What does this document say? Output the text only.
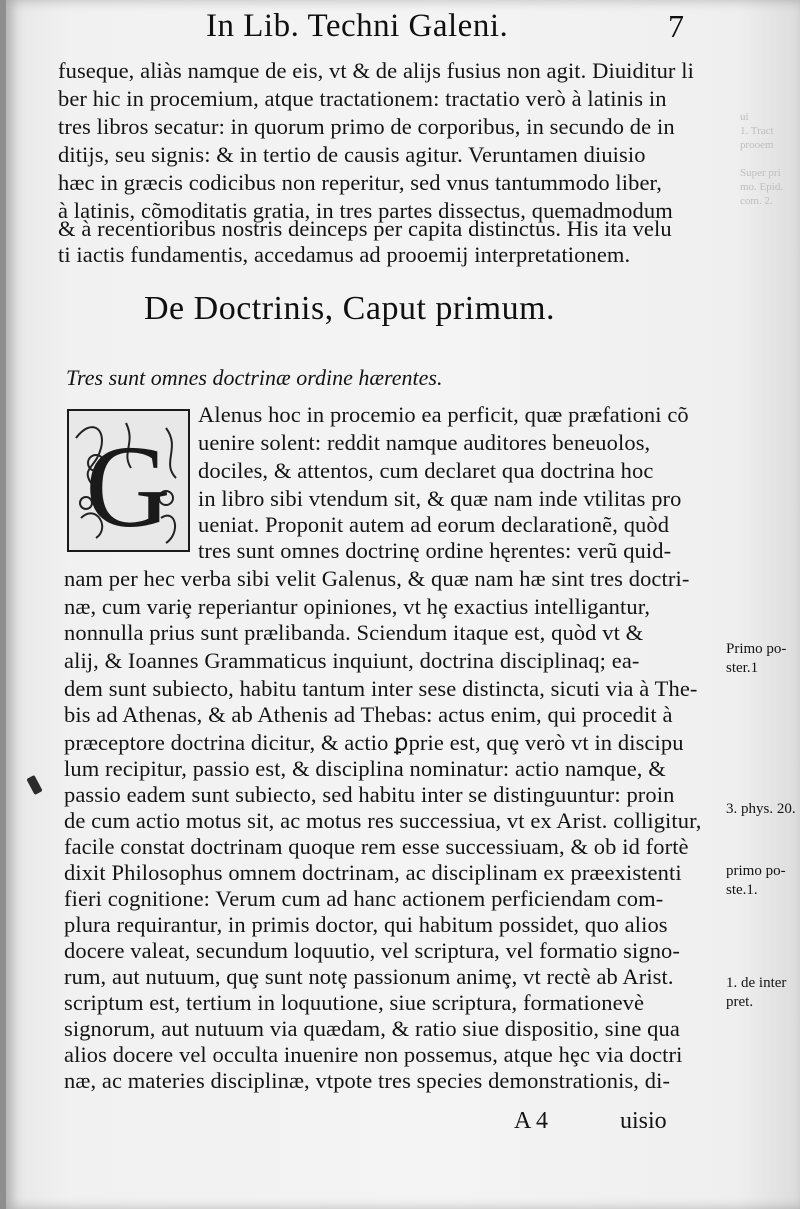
In Lib. Techni Galeni.	7
ui
1. Tract
prooem

Super pri
mo. Epid.
com. 2.
fuseque, aliàs namque de eis, vt & de alijs fusius non agit. Diuiditur li
ber hic in procemium, atque tractationem: tractatio verò à latinis in
tres libros secatur: in quorum primo de corporibus, in secundo de in
ditijs, seu signis: & in tertio de causis agitur. Veruntamen diuisio
hæc in græcis codicibus non reperitur, sed vnus tantummodo liber,
à latinis, cõmoditatis gratia, in tres partes dissectus, quemadmodum
& à recentioribus nostris deinceps per capita distinctus. His ita velu
ti iactis fundamentis, accedamus ad prooemij interpretationem.
De Doctrinis, Caput primum.
Tres sunt omnes doctrinæ ordine hærentes.
G
Alenus hoc in procemio ea perficit, quæ præfationi cõ
uenire solent: reddit namque auditores beneuolos,
dociles, & attentos, cum declaret qua doctrina hoc
in libro sibi vtendum sit, & quæ nam inde vtilitas pro
ueniat. Proponit autem ad eorum declarationẽ, quòd
tres sunt omnes doctrinę ordine hęrentes: verũ quid-
nam per hec verba sibi velit Galenus, & quæ nam hæ sint tres doctri-
næ, cum variȩ reperiantur opiniones, vt hȩ exactius intelligantur,
nonnulla prius sunt prælibanda. Sciendum itaque est, quòd vt &
alij, & Ioannes Grammaticus inquiunt, doctrina disciplinaq; ea-
dem sunt subiecto, habitu tantum inter sese distincta, sicuti via à The-
bis ad Athenas, & ab Athenis ad Thebas: actus enim, qui procedit à
præceptore doctrina dicitur, & actio ꝑprie est, quȩ verò vt in discipu
lum recipitur, passio est, & disciplina nominatur: actio namque, &
passio eadem sunt subiecto, sed habitu inter se distinguuntur: proin
de cum actio motus sit, ac motus res successiua, vt ex Arist. colligitur,
facile constat doctrinam quoque rem esse successiuam, & ob id fortè
dixit Philosophus omnem doctrinam, ac disciplinam ex præexistenti
fieri cognitione: Verum cum ad hanc actionem perficiendam com-
plura requirantur, in primis doctor, qui habitum possidet, quo alios
docere valeat, secundum loquutio, vel scriptura, vel formatio signo-
rum, aut nutuum, quȩ sunt notȩ passionum animȩ, vt rectè ab Arist.
scriptum est, tertium in loquutione, siue scriptura, formationevè
signorum, aut nutuum via quædam, & ratio siue dispositio, sine qua
alios docere vel occulta inuenire non possemus, atque hȩc via doctri
næ, ac materies disciplinæ, vtpote tres species demonstrationis, di-
Primo po-
ster.1
3. phys. 20.
primo po-
ste.1.
1. de inter
pret.
A 4	uisio
